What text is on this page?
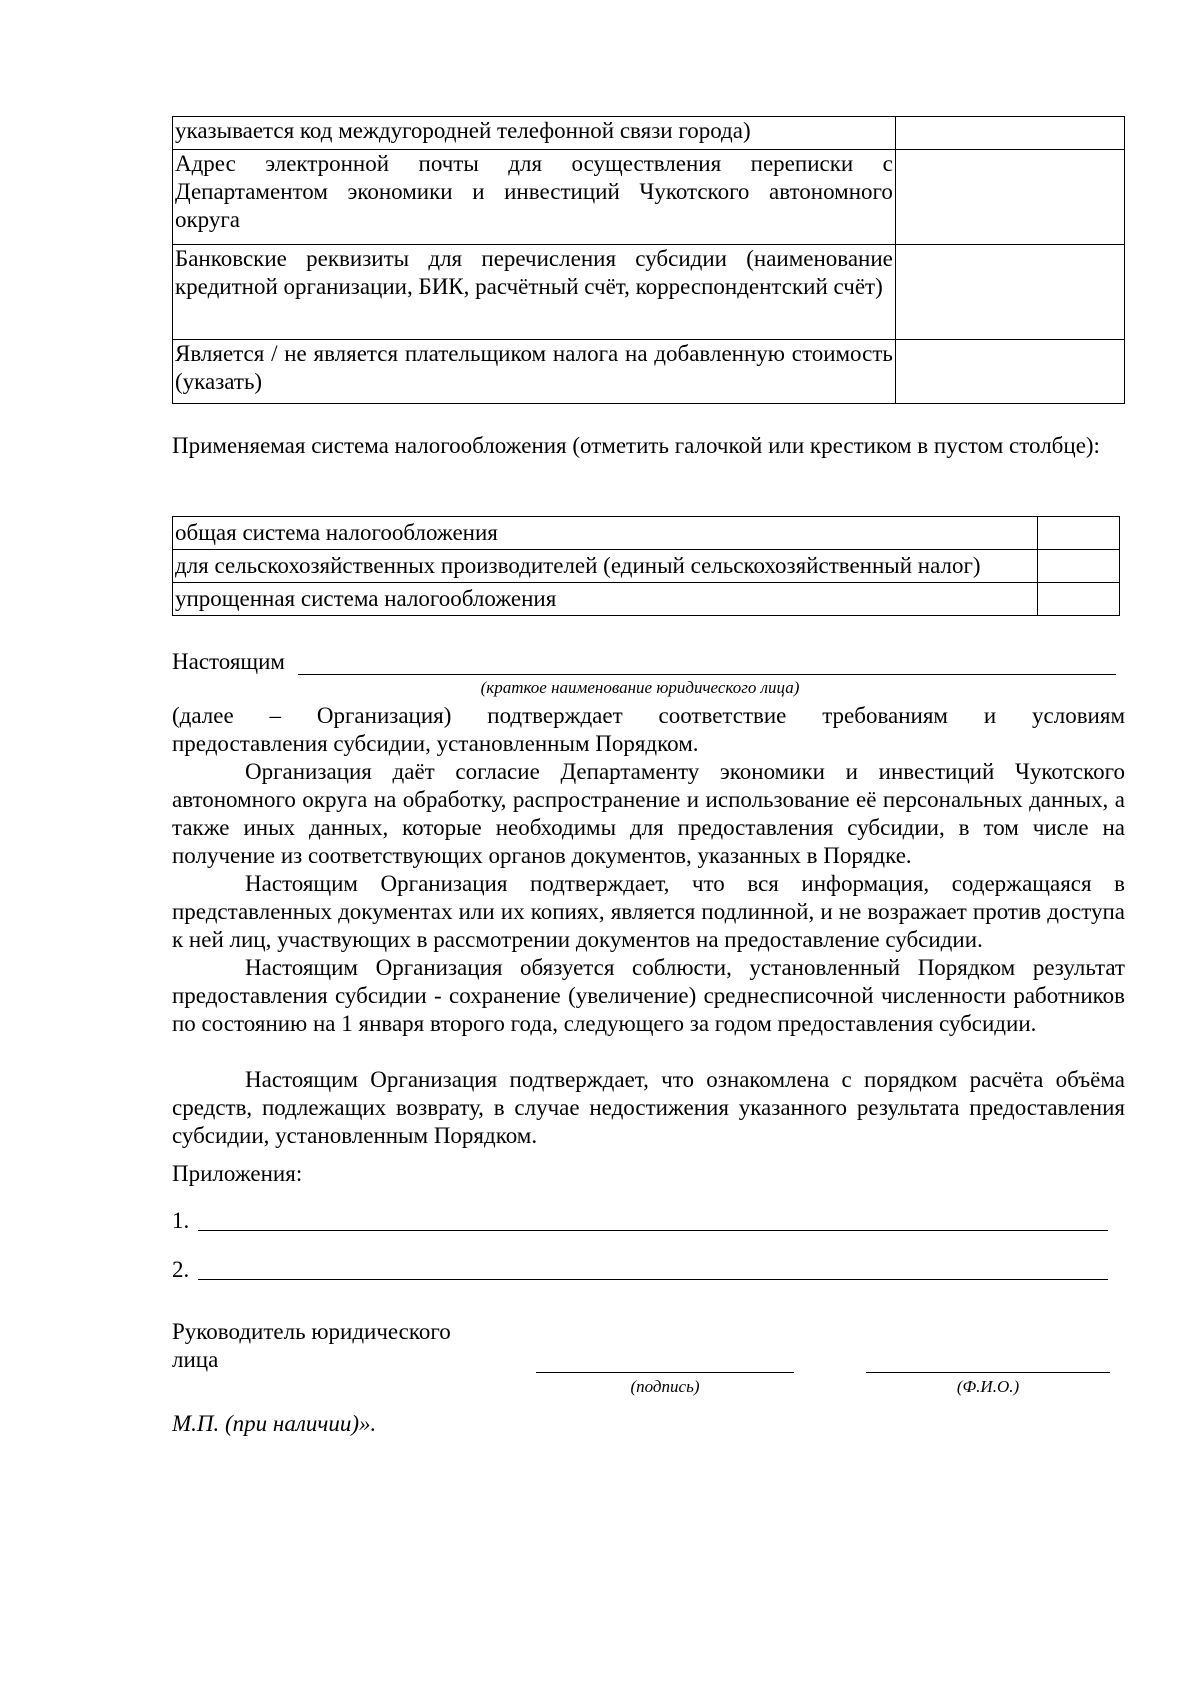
указывается код междугородней телефонной связи города)	
Адрес электронной почты для осуществления переписки с Департаментом экономики и инвестиций Чукотского автономного округа	
Банковские реквизиты для перечисления субсидии (наименование кредитной организации, БИК, расчётный счёт, корреспондентский счёт)	
Является / не является плательщиком налога на добавленную стоимость (указать)	
Применяемая система налогообложения (отметить галочкой или крестиком в пустом столбце):
общая система налогообложения	
для сельскохозяйственных производителей (единый сельскохозяйственный налог)	
упрощенная система налогообложения	
Настоящим
(краткое наименование юридического лица)
(далее – Организация) подтверждает соответствие требованиям и условиям
предоставления субсидии, установленным Порядком.
Организация даёт согласие Департаменту экономики и инвестиций Чукотского автономного округа на обработку, распространение и использование её персональных данных, а также иных данных, которые необходимы для предоставления субсидии, в том числе на получение из соответствующих органов документов, указанных в Порядке.
Настоящим Организация подтверждает, что вся информация, содержащаяся в представленных документах или их копиях, является подлинной, и не возражает против доступа к ней лиц, участвующих в рассмотрении документов на предоставление субсидии.
Настоящим Организация обязуется соблюсти, установленный Порядком результат предоставления субсидии - сохранение (увеличение) среднесписочной численности работников по состоянию на 1 января второго года, следующего за годом предоставления субсидии.
Настоящим Организация подтверждает, что ознакомлена с порядком расчёта объёма средств, подлежащих возврату, в случае недостижения указанного результата предоставления субсидии, установленным Порядком.
Приложения:
1.
2.
Руководитель юридического
лица
(подпись)	(Ф.И.О.)
М.П. (при наличии)».
